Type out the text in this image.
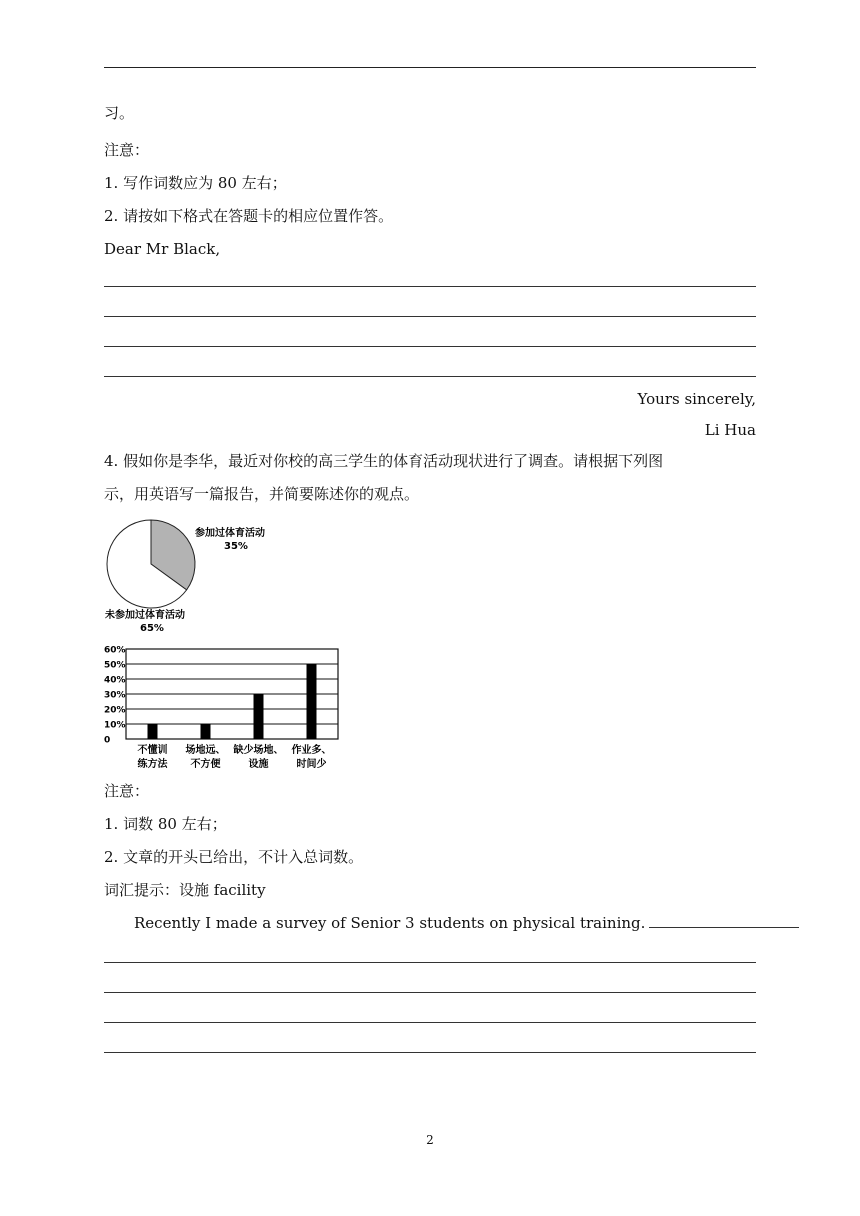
习。
注意：
1. 写作词数应为 80 左右；
2. 请按如下格式在答题卡的相应位置作答。
Dear Mr Black,
Yours sincerely,
Li Hua
4. 假如你是李华，最近对你校的高三学生的体育活动现状进行了调查。请根据下列图
示，用英语写一篇报告，并简要陈述你的观点。
参加过体育活动
35%
未参加过体育活动
65%
0
10%
20%
30%
40%
50%
60%
不懂训
练方法
场地远、
不方便
缺少场地、
设施
作业多、
时间少
注意：
1. 词数 80 左右；
2. 文章的开头已给出，不计入总词数。
词汇提示：设施 facility
Recently I made a survey of Senior 3 students on physical training.
2
